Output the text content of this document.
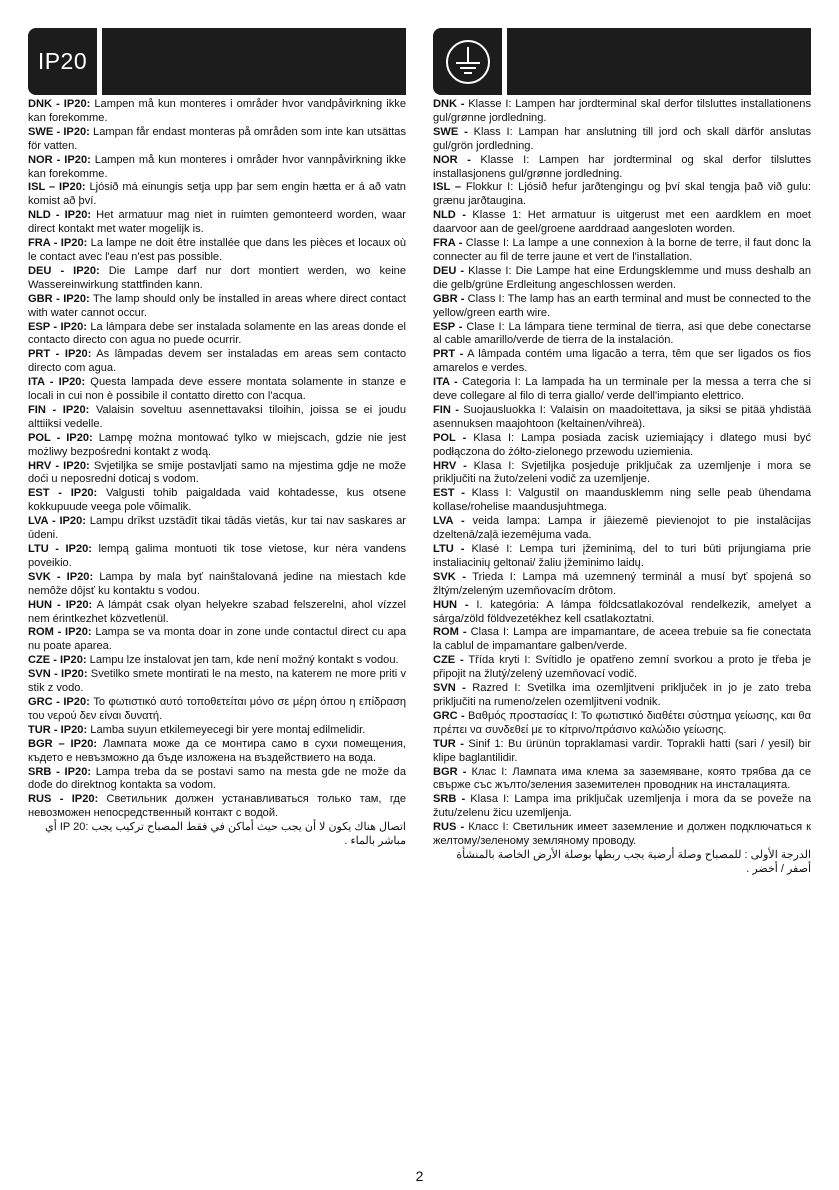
IP20

DNK - IP20: Lampen må kun monteres i områder hvor vandpåvirkning ikke kan forekomme.

SWE - IP20: Lampan får endast monteras på områden som inte kan utsättas för vatten.

NOR - IP20: Lampen må kun monteres i områder hvor vannpåvirkning ikke kan forekomme.

ISL – IP20: Ljósið má einungis setja upp þar sem engin hætta er á að vatn komist að því.

NLD - IP20: Het armatuur mag niet in ruimten gemonteerd worden, waar direct kontakt met water mogelijk is.

FRA - IP20: La lampe ne doit être installée que dans les pièces et locaux où le contact avec l'eau n'est pas possible.

DEU - IP20: Die Lampe darf nur dort montiert werden, wo keine Wassereinwirkung stattfinden kann.

GBR - IP20: The lamp should only be installed in areas where direct contact with water cannot occur.

ESP - IP20: La lámpara debe ser instalada solamente en las areas donde el contacto directo con agua no puede ocurrir.

PRT - IP20: As lâmpadas devem ser instaladas em areas sem contacto directo com agua.

ITA - IP20: Questa lampada deve essere montata solamente in stanze e locali in cui non è possibile il contatto diretto con l'acqua.

FIN - IP20: Valaisin soveltuu asennettavaksi tiloihin, joissa se ei joudu alttiiksi vedelle.

POL - IP20: Lampę można montować tylko w miejscach, gdzie nie jest możliwy bezpośredni kontakt z wodą.

HRV - IP20: Svjetiljka se smije postavljati samo na mjestima gdje ne može doći u neposredni doticaj s vodom.

EST - IP20: Valgusti tohib paigaldada vaid kohtadesse, kus otsene kokkupuude veega pole võimalik.

LVA - IP20: Lampu drīkst uzstādīt tikai tādās vietās, kur tai nav saskares ar ūdeni.

LTU - IP20: lempą galima montuoti tik tose vietose, kur nėra vandens poveikio.

SVK - IP20: Lampa by mala byť nainštalovaná jedine na miestach kde nemôže dôjsť ku kontaktu s vodou.

HUN - IP20: A lámpát csak olyan helyekre szabad felszerelni, ahol vízzel nem érintkezhet közvetlenül.

ROM - IP20: Lampa se va monta doar in zone unde contactul direct cu apa nu poate aparea.

CZE - IP20: Lampu lze instalovat jen tam, kde není možný kontakt s vodou.

SVN - IP20: Svetilko smete montirati le na mesto, na katerem ne more priti v stik z vodo.

GRC - IP20: Το φωτιστικό αυτό τοποθετείται μόνο σε μέρη όπου η επίδραση του νερού δεν είναι δυνατή.

TUR - IP20: Lamba suyun etkilemeyecegi bir yere montaj edilmelidir.

BGR – IP20: Лампата може да се монтира само в сухи помещения, където е невъзможно да бъде изложена на въздействието на вода.

SRB - IP20: Lampa treba da se postavi samo na mesta gde ne može da dođe do direktnog kontakta sa vodom.

RUS - IP20: Светильник должен устанавливаться только там, где невозможен непосредственный контакт с водой.

اتصال هناك يكون لا أن يجب حيث أماكن في فقط المصباح تركيب يجب :IP 20 أي مباشر بالماء .

DNK - Klasse I: Lampen har jordterminal skal derfor tilsluttes installationens gul/grønne jordledning.

SWE - Klass I: Lampan har anslutning till jord och skall därför anslutas gul/grön jordledning.

NOR - Klasse I: Lampen har jordterminal og skal derfor tilsluttes installasjonens gul/grønne jordledning.

ISL – Flokkur I: Ljósið hefur jarðtengingu og því skal tengja það við gulu: grænu jarðtaugina.

NLD - Klasse 1: Het armatuur is uitgerust met een aardklem en moet daarvoor aan de geel/groene aarddraad aangesloten worden.

FRA - Classe I: La lampe a une connexion à la borne de terre, il faut donc la connecter au fil de terre jaune et vert de l'installation.

DEU - Klasse I: Die Lampe hat eine Erdungsklemme und muss deshalb an die gelb/grüne Erdleitung angeschlossen werden.

GBR - Class I: The lamp has an earth terminal and must be connected to the yellow/green earth wire.

ESP - Clase I: La lámpara tiene terminal de tierra, asi que debe conectarse al cable amarillo/verde de tierra de la instalación.

PRT - A lâmpada contém uma ligacão a terra, têm que ser ligados os fios amarelos e verdes.

ITA - Categoria I: La lampada ha un terminale per la messa a terra che si deve collegare al filo di terra giallo/ verde dell'impianto elettrico.

FIN - Suojausluokka I: Valaisin on maadoitettava, ja siksi se pitää yhdistää asennuksen maajohtoon (keltainen/vihreä).

POL - Klasa I: Lampa posiada zacisk uziemiający i dlatego musi być podłączona do żółto-zielonego przewodu uziemienia.

HRV - Klasa I: Svjetiljka posjeduje priključak za uzemljenje i mora se priključiti na žuto/zeleni vodič za uzemljenje.

EST - Klass I: Valgustil on maandusklemm ning selle peab ühendama kollase/rohelise maandusjuhtmega.

LVA - veida lampa: Lampa ir jāiezemē pievienojot to pie instalācijas dzeltenā/zaļā iezemējuma vada.

LTU - Klasė I: Lempa turi įžeminimą, del to turi būti prijungiama prie instaliacinių geltonai/ žaliu įžeminimo laidų.

SVK - Trieda I: Lampa má uzemnený terminál a musí byť spojená so žltým/zeleným uzemňovacím drôtom.

HUN - I. kategória: A lámpa földcsatlakozóval rendelkezik, amelyet a sárga/zöld földvezetékhez kell csatlakoztatni.

ROM - Clasa I: Lampa are impamantare, de aceea trebuie sa fie conectata la cablul de impamantare galben/verde.

CZE - Třída kryti I: Svítidlo je opatřeno zemní svorkou a proto je třeba je připojit na žlutý/zelený uzemňovací vodič.

SVN - Razred I: Svetilka ima ozemljitveni priključek in jo je zato treba priključiti na rumeno/zelen ozemljitveni vodnik.

GRC - Βαθμός προστασίας I: Το φωτιστικό διαθέτει σύστημα γείωσης, και θα πρέπει να συνδεθεί με το κίτρινο/πράσινο καλώδιο γείωσης.

TUR - Sinif 1: Bu ürünün topraklamasi vardir. Toprakli hatti (sari / yesil) bir klipe baglantilidir.

BGR - Клас I: Лампата има клема за заземяване, която трябва да се свърже със жълто/зеления заземителен проводник на инсталацията.

SRB - Klasa I: Lampa ima priključak uzemljenja i mora da se poveže na žutu/zelenu žicu uzemljenja.

RUS - Класс I: Светильник имеет заземление и должен подключаться к желтому/зеленому земляному проводу.

الدرجة الأولى : للمصباح وصلة أرضية يجب ربطها بوصلة الأرض الخاصة بالمنشأة أصفر / أخضر .

2
